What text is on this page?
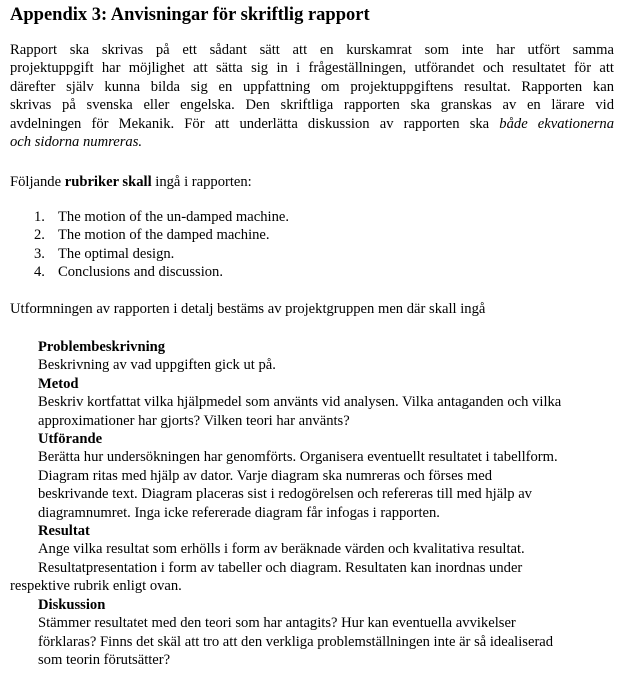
Appendix 3: Anvisningar för skriftlig rapport
Rapport ska skrivas på ett sådant sätt att en kurskamrat som inte har utfört samma
projektuppgift har möjlighet att sätta sig in i frågeställningen, utförandet och resultatet för att
därefter själv kunna bilda sig en uppfattning om projektuppgiftens resultat. Rapporten kan
skrivas på svenska eller engelska. Den skriftliga rapporten ska granskas av en lärare vid
avdelningen för Mekanik. För att underlätta diskussion av rapporten ska både ekvationerna
och sidorna numreras.
Följande rubriker skall ingå i rapporten:
1. The motion of the un-damped machine.
2. The motion of the damped machine.
3. The optimal design.
4. Conclusions and discussion.
Utformningen av rapporten i detalj bestäms av projektgruppen men där skall ingå
Problembeskrivning
Beskrivning av vad uppgiften gick ut på.
Metod
Beskriv kortfattat vilka hjälpmedel som använts vid analysen. Vilka antaganden och vilka
approximationer har gjorts? Vilken teori har använts?
Utförande
Berätta hur undersökningen har genomförts. Organisera eventuellt resultatet i tabellform.
Diagram ritas med hjälp av dator. Varje diagram ska numreras och förses med
beskrivande text. Diagram placeras sist i redogörelsen och refereras till med hjälp av
diagramnumret. Inga icke refererade diagram får infogas i rapporten.
Resultat
Ange vilka resultat som erhölls i form av beräknade värden och kvalitativa resultat.
Resultatpresentation i form av tabeller och diagram. Resultaten kan inordnas under
respektive rubrik enligt ovan.
Diskussion
Stämmer resultatet med den teori som har antagits? Hur kan eventuella avvikelser
förklaras? Finns det skäl att tro att den verkliga problemställningen inte är så idealiserad
som teorin förutsätter?
